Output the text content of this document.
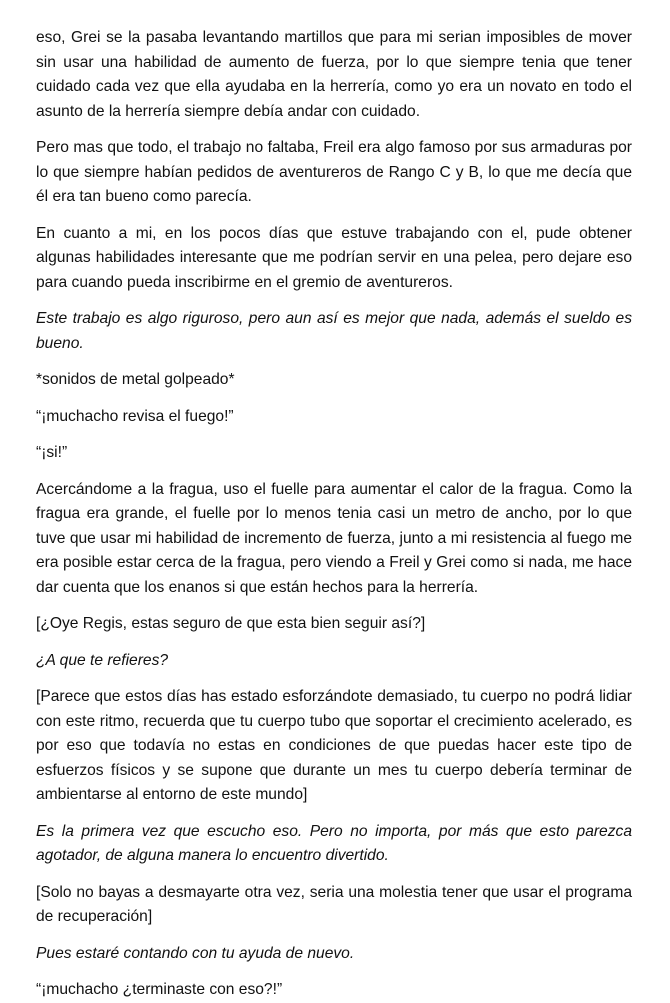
eso, Grei se la pasaba levantando martillos que para mi serian imposibles de mover sin usar una habilidad de aumento de fuerza, por lo que siempre tenia que tener cuidado cada vez que ella ayudaba en la herrería, como yo era un novato en todo el asunto de la herrería siempre debía andar con cuidado.

Pero mas que todo, el trabajo no faltaba, Freil era algo famoso por sus armaduras por lo que siempre habían pedidos de aventureros de Rango C y B, lo que me decía que él era tan bueno como parecía.

En cuanto a mi, en los pocos días que estuve trabajando con el, pude obtener algunas habilidades interesante que me podrían servir en una pelea, pero dejare eso para cuando pueda inscribirme en el gremio de aventureros.

Este trabajo es algo riguroso, pero aun así es mejor que nada, además el sueldo es bueno.

*sonidos de metal golpeado*

“¡muchacho revisa el fuego!”

“¡si!”

Acercándome a la fragua, uso el fuelle para aumentar el calor de la fragua. Como la fragua era grande, el fuelle por lo menos tenia casi un metro de ancho, por lo que tuve que usar mi habilidad de incremento de fuerza, junto a mi resistencia al fuego me era posible estar cerca de la fragua, pero viendo a Freil y Grei como si nada, me hace dar cuenta que los enanos si que están hechos para la herrería.

[¿Oye Regis, estas seguro de que esta bien seguir así?]

¿A que te refieres?

[Parece que estos días has estado esforzándote demasiado, tu cuerpo no podrá lidiar con este ritmo, recuerda que tu cuerpo tubo que soportar el crecimiento acelerado, es por eso que todavía no estas en condiciones de que puedas hacer este tipo de esfuerzos físicos y se supone que durante un mes tu cuerpo debería terminar de ambientarse al entorno de este mundo]

Es la primera vez que escucho eso. Pero no importa, por más que esto parezca agotador, de alguna manera lo encuentro divertido.

[Solo no bayas a desmayarte otra vez, seria una molestia tener que usar el programa de recuperación]

Pues estaré contando con tu ayuda de nuevo.

“¡muchacho ¿terminaste con eso?!”
